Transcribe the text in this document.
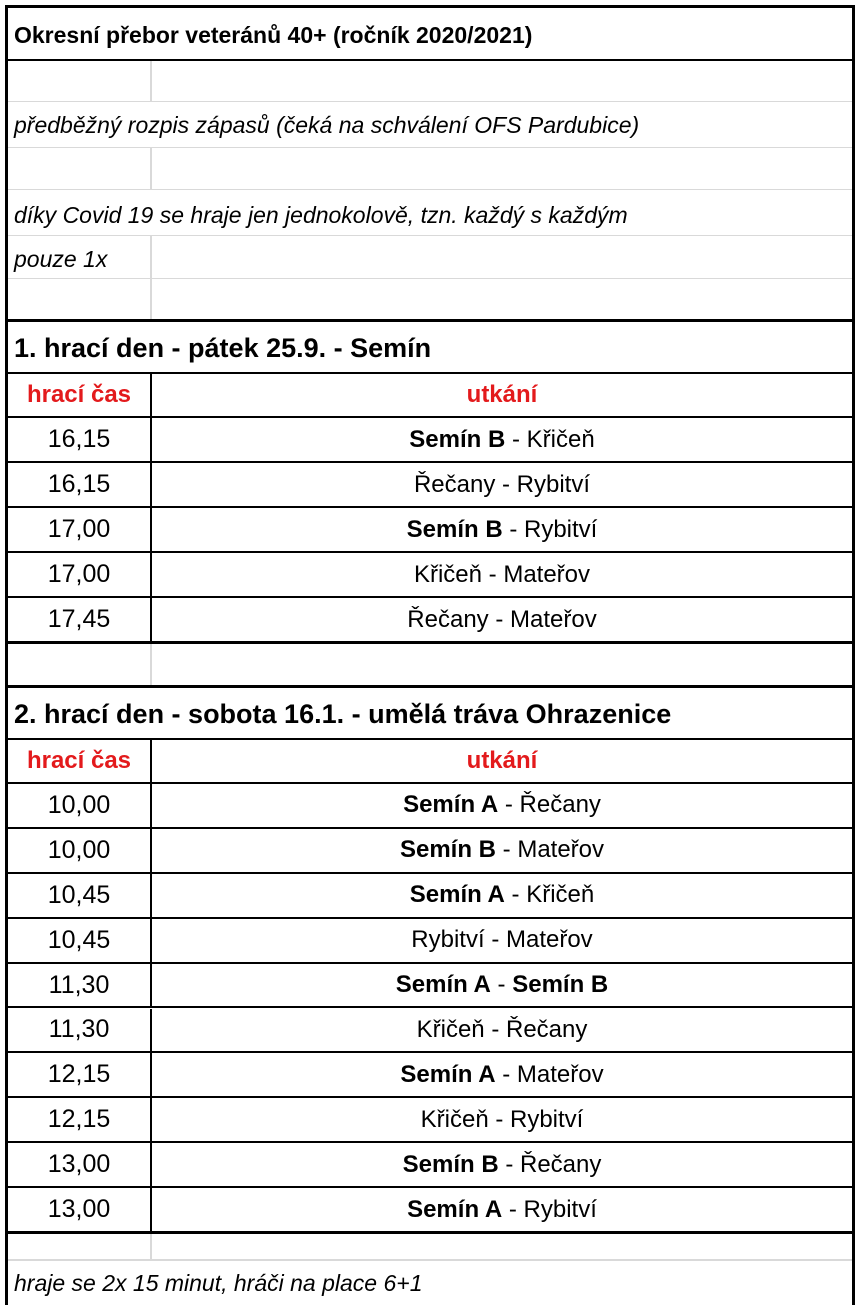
Okresní přebor veteránů 40+ (ročník 2020/2021)
předběžný rozpis zápasů (čeká na schválení OFS Pardubice)
díky Covid 19 se hraje jen jednokolově, tzn. každý s každým
pouze 1x
1. hrací den - pátek 25.9. - Semín
hrací čas	utkání
16,15	Semín B - Křičeň
16,15	Řečany - Rybitví
17,00	Semín B - Rybitví
17,00	Křičeň - Mateřov
17,45	Řečany - Mateřov
2. hrací den - sobota 16.1. - umělá tráva Ohrazenice
hrací čas	utkání
10,00	Semín A - Řečany
10,00	Semín B - Mateřov
10,45	Semín A - Křičeň
10,45	Rybitví - Mateřov
11,30	Semín A - Semín B
11,30	Křičeň - Řečany
12,15	Semín A - Mateřov
12,15	Křičeň - Rybitví
13,00	Semín B - Řečany
13,00	Semín A - Rybitví
hraje se 2x 15 minut, hráči na place 6+1
